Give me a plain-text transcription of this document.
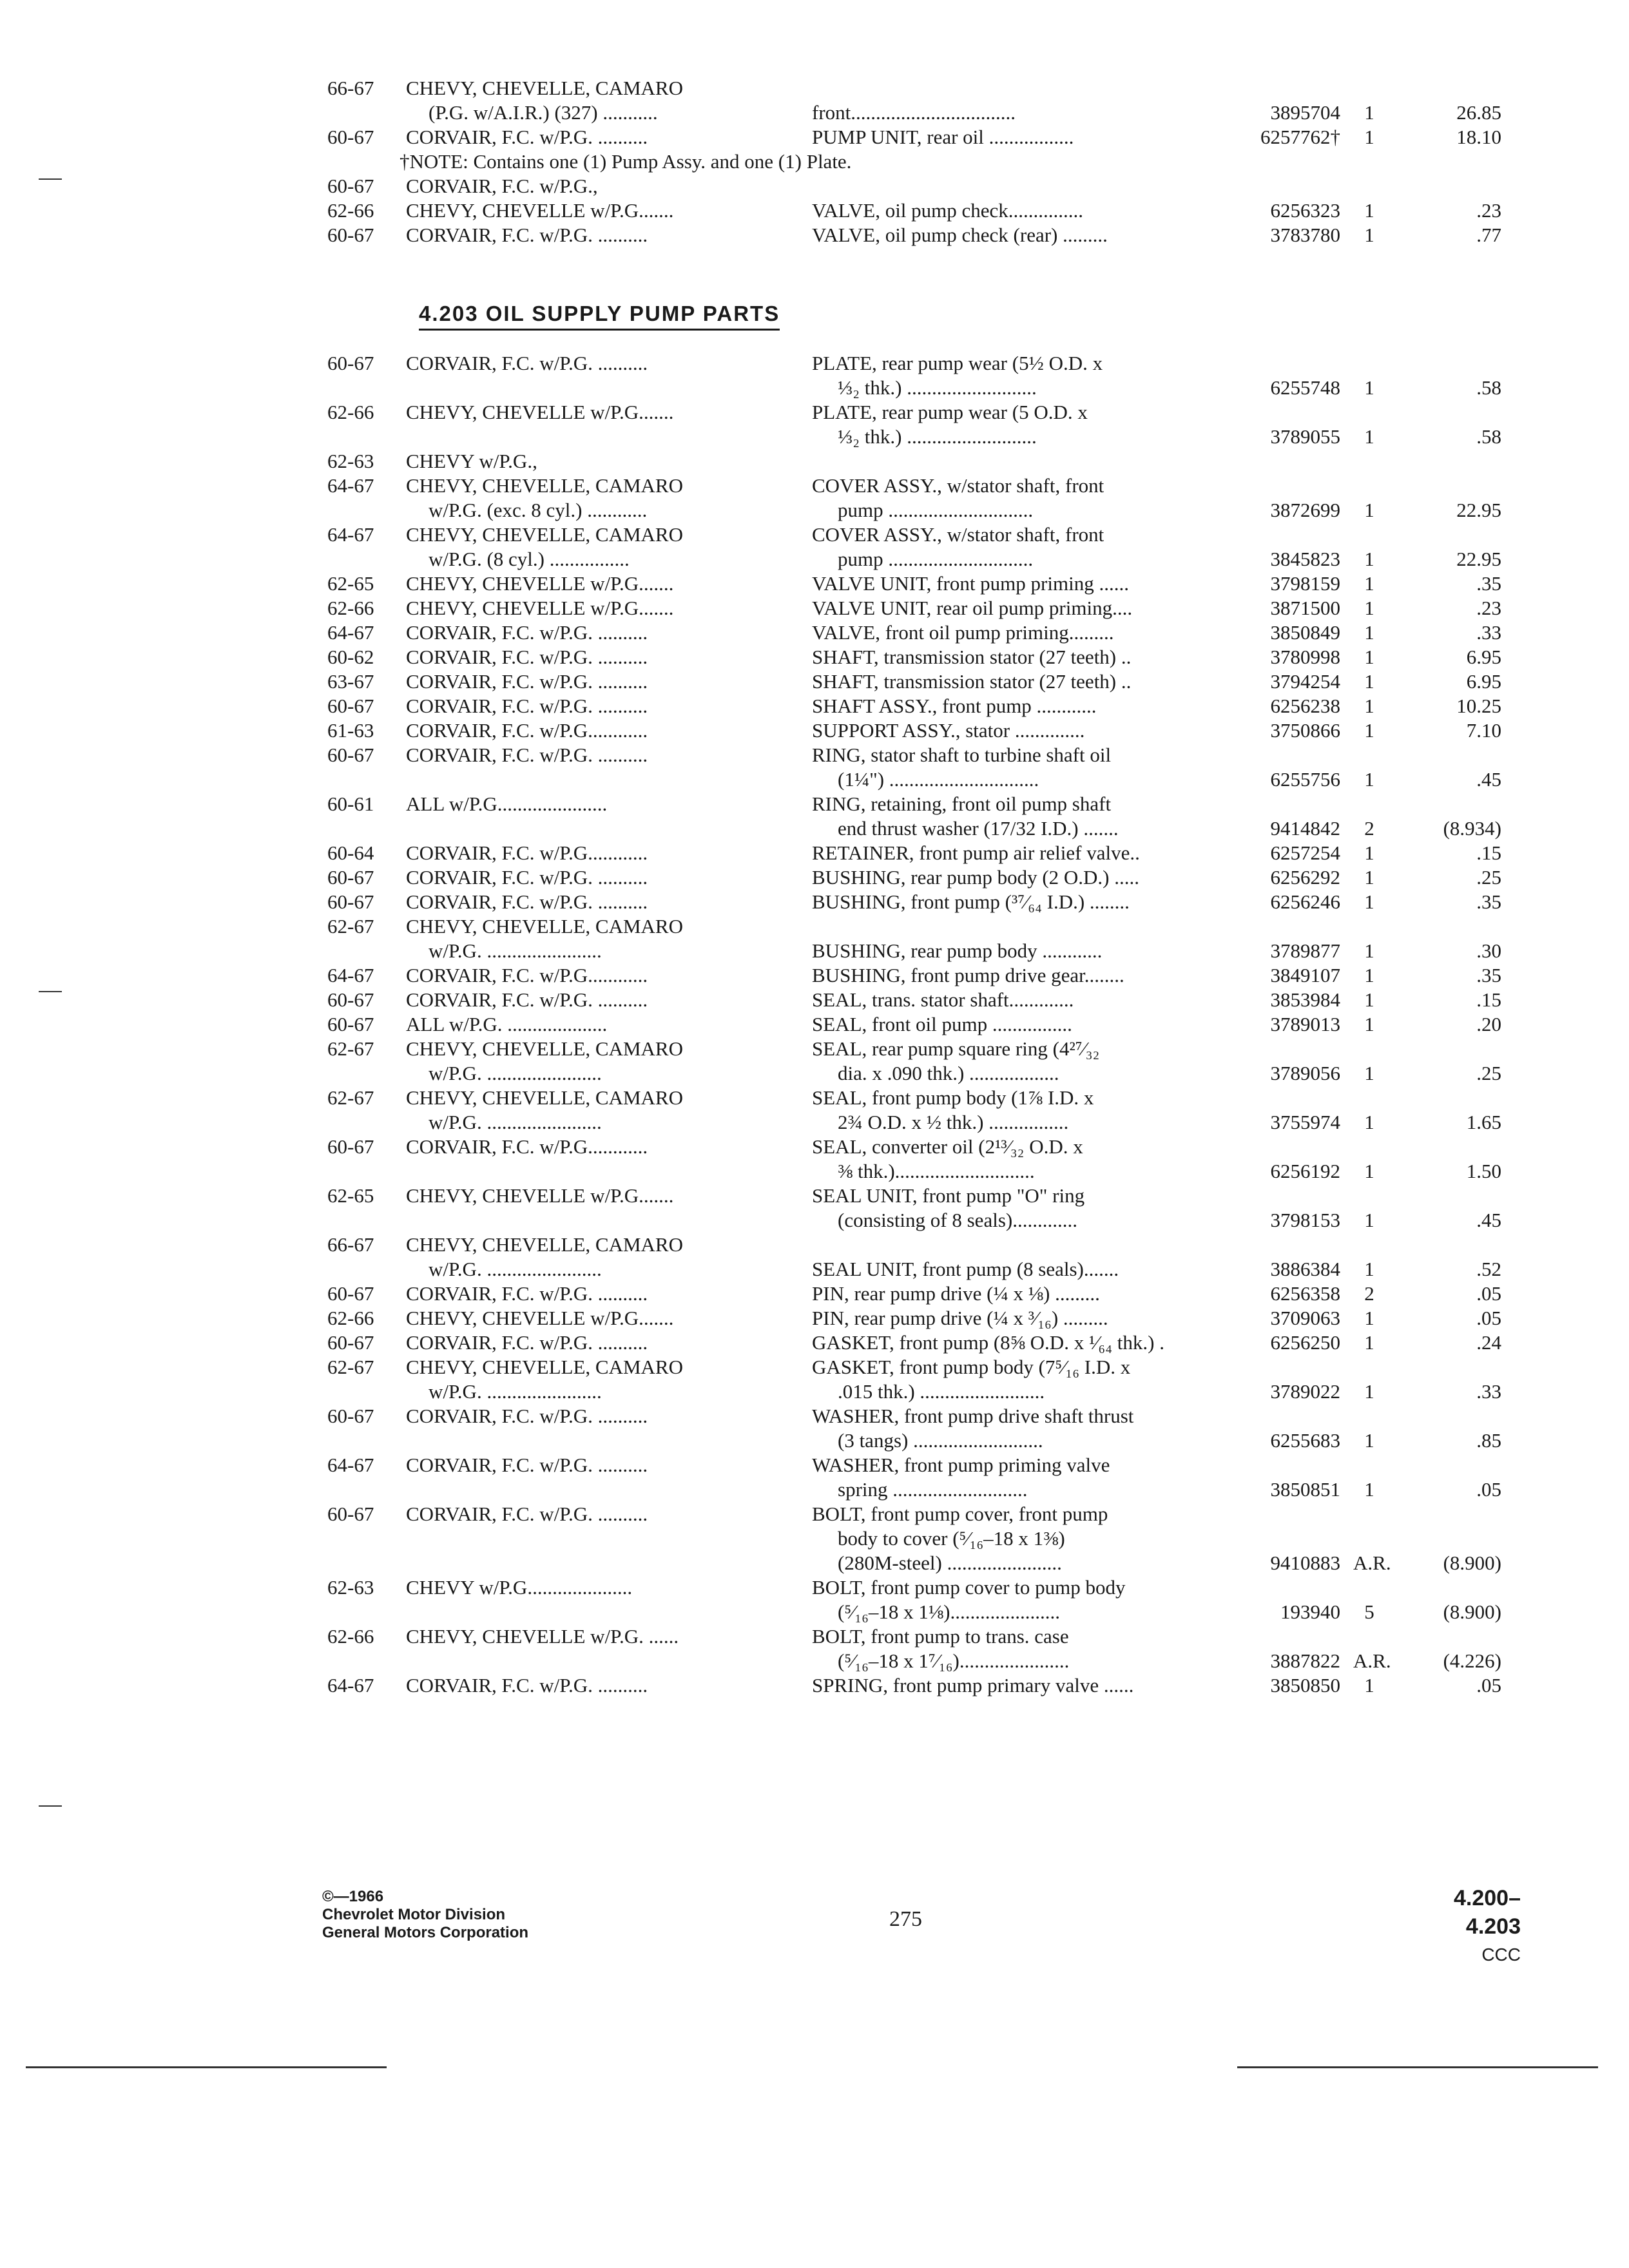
66-67 CHEVY, CHEVELLE, CAMARO
(P.G. w/A.I.R.) (327) ...........	front.................................	3895704	1	26.85
60-67 CORVAIR, F.C. w/P.G. ..........	PUMP UNIT, rear oil .................	6257762†	1	18.10
†NOTE: Contains one (1) Pump Assy. and one (1) Plate.
60-67 CORVAIR, F.C. w/P.G.,
62-66 CHEVY, CHEVELLE w/P.G.......	VALVE, oil pump check...............	6256323	1	.23
60-67 CORVAIR, F.C. w/P.G. ..........	VALVE, oil pump check (rear) .........	3783780	1	.77
4.203 OIL SUPPLY PUMP PARTS
60-67 CORVAIR, F.C. w/P.G. ..........	PLATE, rear pump wear (5½ O.D. x
⅓₂ thk.) ..........................	6255748	1	.58
62-66 CHEVY, CHEVELLE w/P.G.......	PLATE, rear pump wear (5 O.D. x
⅓₂ thk.) ..........................	3789055	1	.58
62-63 CHEVY w/P.G.,
64-67 CHEVY, CHEVELLE, CAMARO	COVER ASSY., w/stator shaft, front
w/P.G. (exc. 8 cyl.) ............	pump .............................	3872699	1	22.95
64-67 CHEVY, CHEVELLE, CAMARO	COVER ASSY., w/stator shaft, front
w/P.G. (8 cyl.) ................	pump .............................	3845823	1	22.95
62-65 CHEVY, CHEVELLE w/P.G.......	VALVE UNIT, front pump priming ......	3798159	1	.35
62-66 CHEVY, CHEVELLE w/P.G.......	VALVE UNIT, rear oil pump priming....	3871500	1	.23
64-67 CORVAIR, F.C. w/P.G. ..........	VALVE, front oil pump priming.........	3850849	1	.33
60-62 CORVAIR, F.C. w/P.G. ..........	SHAFT, transmission stator (27 teeth) ..	3780998	1	6.95
63-67 CORVAIR, F.C. w/P.G. ..........	SHAFT, transmission stator (27 teeth) ..	3794254	1	6.95
60-67 CORVAIR, F.C. w/P.G. ..........	SHAFT ASSY., front pump ............	6256238	1	10.25
61-63 CORVAIR, F.C. w/P.G............	SUPPORT ASSY., stator ..............	3750866	1	7.10
60-67 CORVAIR, F.C. w/P.G. ..........	RING, stator shaft to turbine shaft oil
(1¼") ..............................	6255756	1	.45
60-61 ALL w/P.G......................	RING, retaining, front oil pump shaft
end thrust washer (17/32 I.D.) .......	9414842	2	(8.934)
60-64 CORVAIR, F.C. w/P.G............	RETAINER, front pump air relief valve..	6257254	1	.15
60-67 CORVAIR, F.C. w/P.G. ..........	BUSHING, rear pump body (2 O.D.) .....	6256292	1	.25
60-67 CORVAIR, F.C. w/P.G. ..........	BUSHING, front pump (³⁷⁄₆₄ I.D.) ........	6256246	1	.35
62-67 CHEVY, CHEVELLE, CAMARO
w/P.G. .......................	BUSHING, rear pump body ............	3789877	1	.30
64-67 CORVAIR, F.C. w/P.G............	BUSHING, front pump drive gear........	3849107	1	.35
60-67 CORVAIR, F.C. w/P.G. ..........	SEAL, trans. stator shaft.............	3853984	1	.15
60-67 ALL w/P.G. ....................	SEAL, front oil pump ................	3789013	1	.20
62-67 CHEVY, CHEVELLE, CAMARO	SEAL, rear pump square ring (4²⁷⁄₃₂
w/P.G. .......................	dia. x .090 thk.) ..................	3789056	1	.25
62-67 CHEVY, CHEVELLE, CAMARO	SEAL, front pump body (1⅞ I.D. x
w/P.G. .......................	2¾ O.D. x ½ thk.) ................	3755974	1	1.65
60-67 CORVAIR, F.C. w/P.G............	SEAL, converter oil (2¹³⁄₃₂ O.D. x
⅜ thk.)............................	6256192	1	1.50
62-65 CHEVY, CHEVELLE w/P.G.......	SEAL UNIT, front pump "O" ring
(consisting of 8 seals).............	3798153	1	.45
66-67 CHEVY, CHEVELLE, CAMARO
w/P.G. .......................	SEAL UNIT, front pump (8 seals).......	3886384	1	.52
60-67 CORVAIR, F.C. w/P.G. ..........	PIN, rear pump drive (¼ x ⅛) .........	6256358	2	.05
62-66 CHEVY, CHEVELLE w/P.G.......	PIN, rear pump drive (¼ x ³⁄₁₆) .........	3709063	1	.05
60-67 CORVAIR, F.C. w/P.G. ..........	GASKET, front pump (8⅝ O.D. x ¹⁄₆₄ thk.) .	6256250	1	.24
62-67 CHEVY, CHEVELLE, CAMARO	GASKET, front pump body (7⁵⁄₁₆ I.D. x
w/P.G. .......................	.015 thk.) .........................	3789022	1	.33
60-67 CORVAIR, F.C. w/P.G. ..........	WASHER, front pump drive shaft thrust
(3 tangs) ..........................	6255683	1	.85
64-67 CORVAIR, F.C. w/P.G. ..........	WASHER, front pump priming valve
spring ...........................	3850851	1	.05
60-67 CORVAIR, F.C. w/P.G. ..........	BOLT, front pump cover, front pump
body to cover (⁵⁄₁₆–18 x 1⅜)
(280M-steel) .......................	9410883 A.R.	(8.900)
62-63 CHEVY w/P.G.....................	BOLT, front pump cover to pump body
(⁵⁄₁₆–18 x 1⅛)......................	193940	5	(8.900)
62-66 CHEVY, CHEVELLE w/P.G. ......	BOLT, front pump to trans. case
(⁵⁄₁₆–18 x 1⁷⁄₁₆)......................	3887822 A.R.	(4.226)
64-67 CORVAIR, F.C. w/P.G. ..........	SPRING, front pump primary valve ......	3850850	1	.05
©—1966
Chevrolet Motor Division
General Motors Corporation
275
4.200–4.203
CCC
